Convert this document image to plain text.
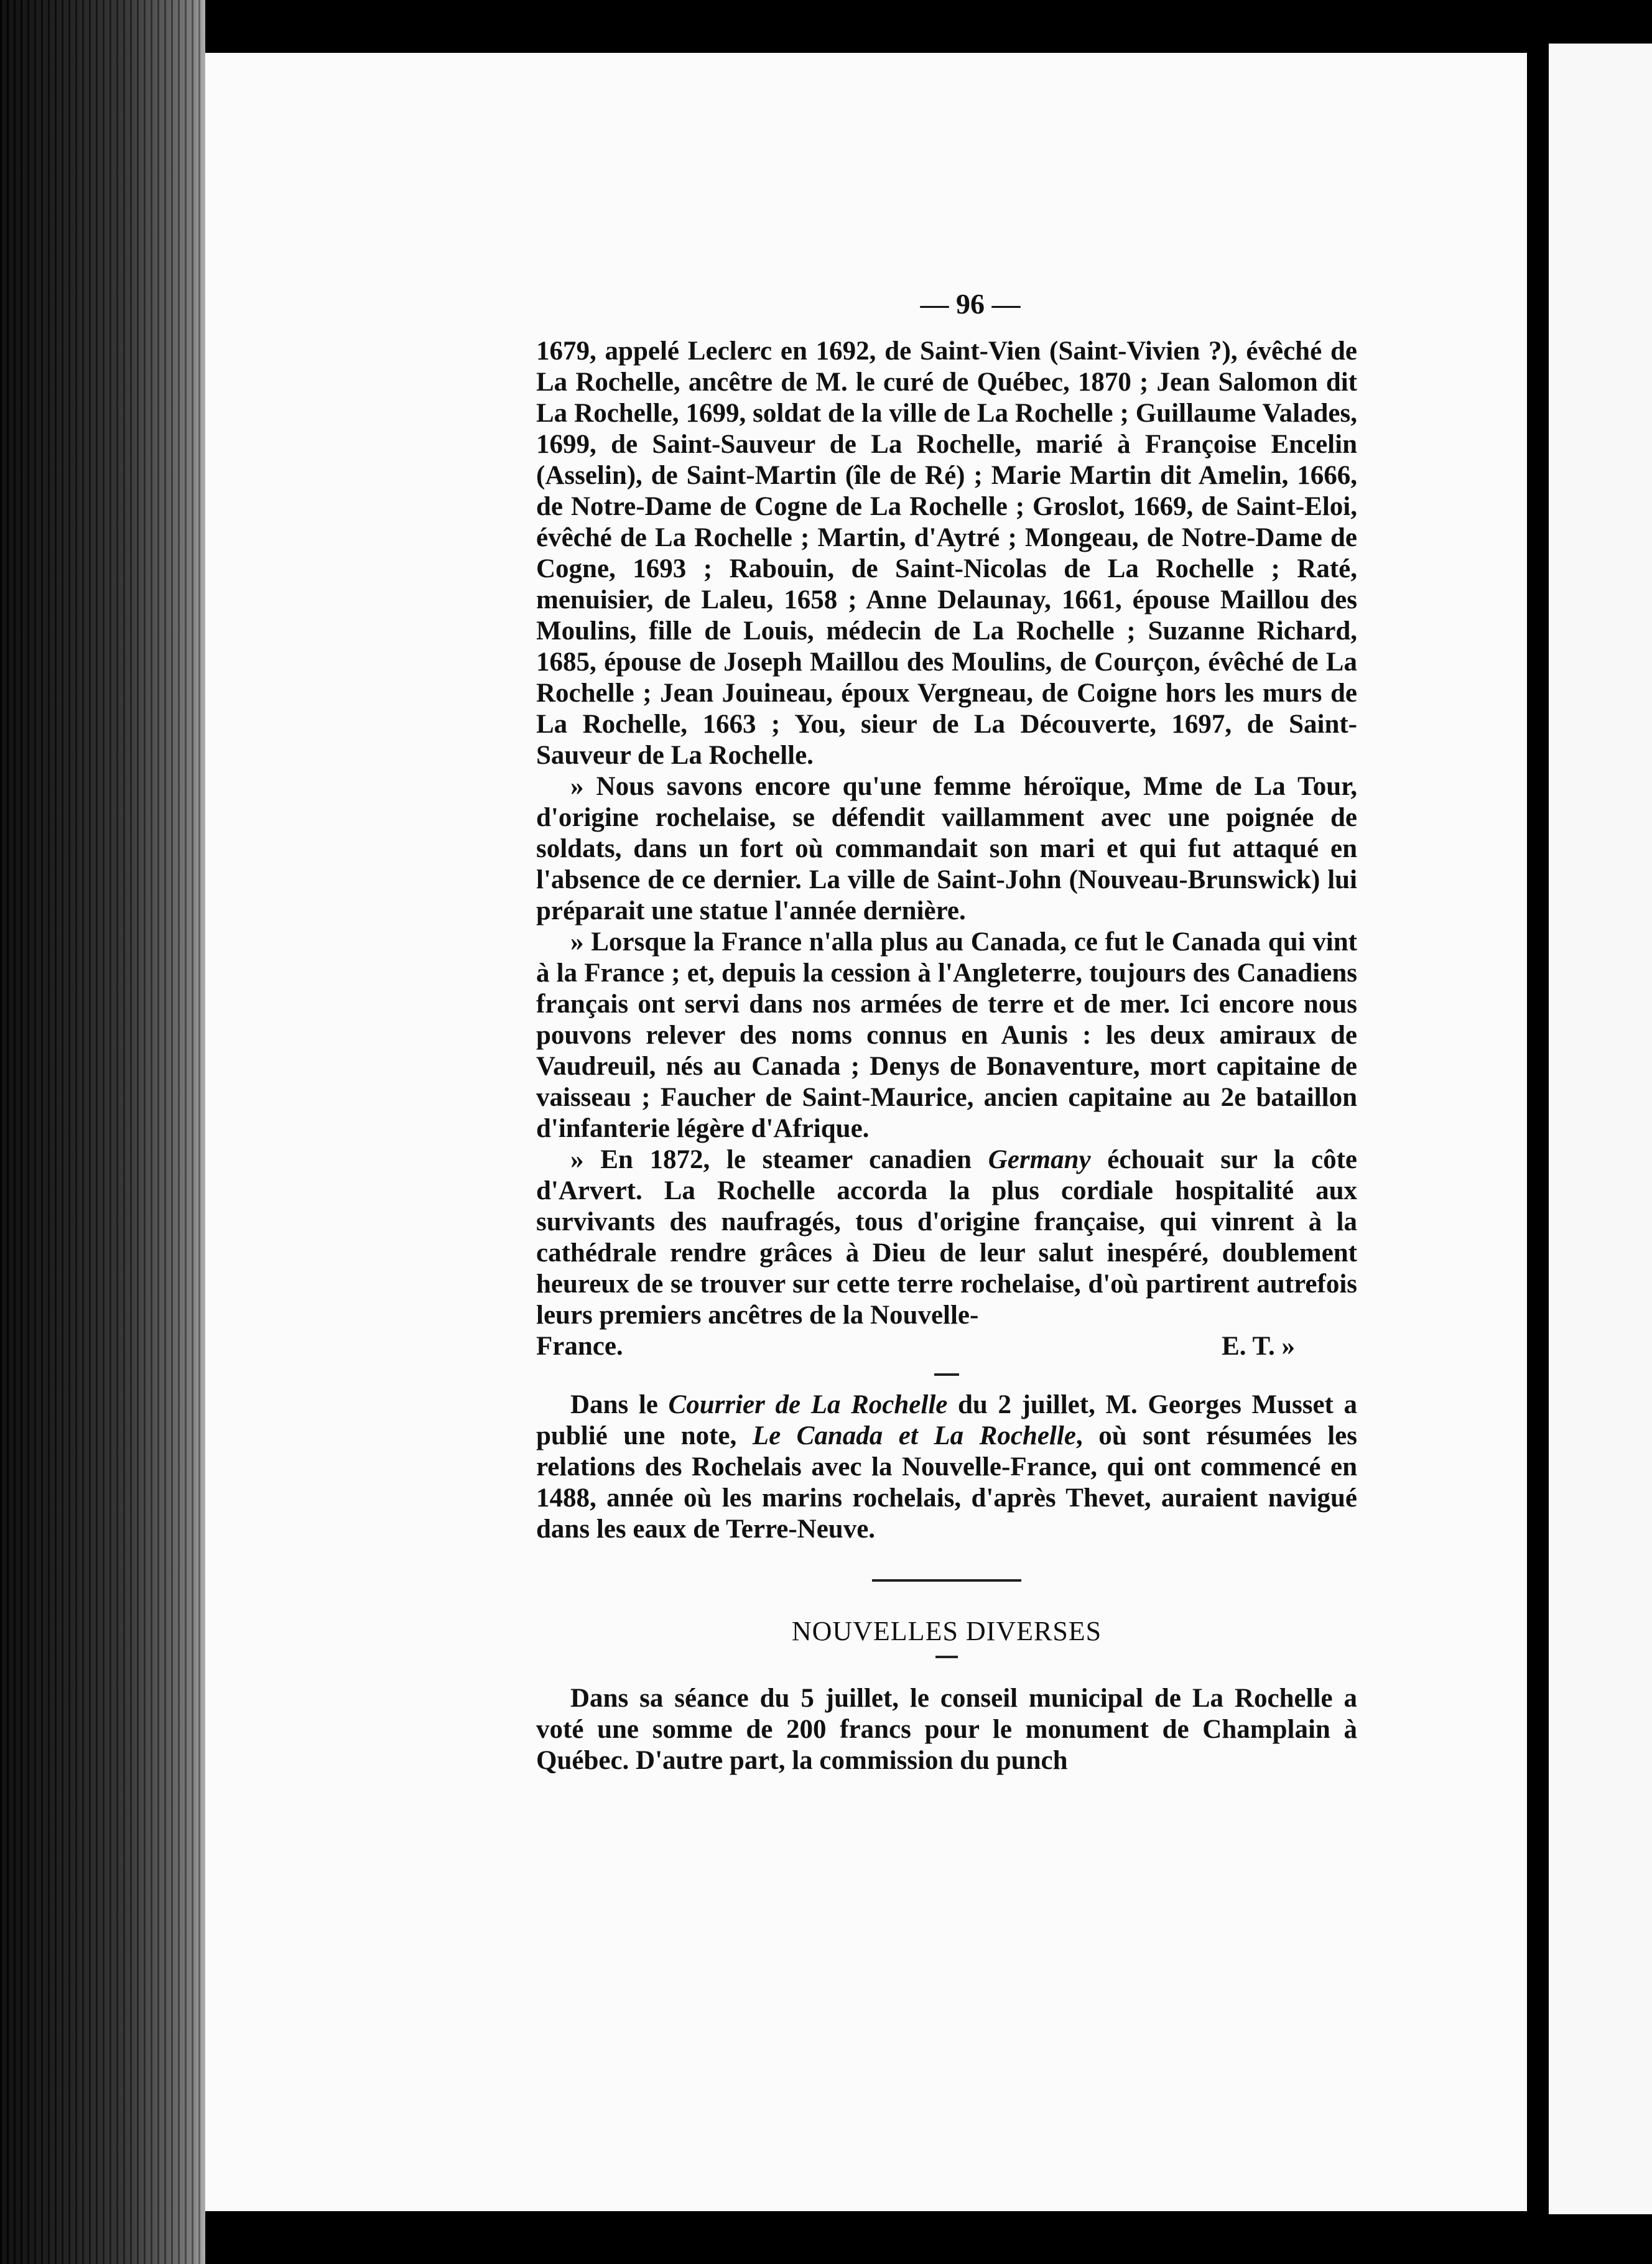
— 96 —

1679, appelé Leclerc en 1692, de Saint-Vien (Saint-Vivien ?), évêché de La Rochelle, ancêtre de M. le curé de Québec, 1870 ; Jean Salomon dit La Rochelle, 1699, soldat de la ville de La Rochelle ; Guillaume Valades, 1699, de Saint-Sauveur de La Rochelle, marié à Françoise Encelin (Asselin), de Saint-Martin (île de Ré) ; Marie Martin dit Amelin, 1666, de Notre-Dame de Cogne de La Rochelle ; Groslot, 1669, de Saint-Eloi, évêché de La Rochelle ; Martin, d'Aytré ; Mongeau, de Notre-Dame de Cogne, 1693 ; Rabouin, de Saint-Nicolas de La Rochelle ; Raté, menuisier, de Laleu, 1658 ; Anne Delaunay, 1661, épouse Maillou des Moulins, fille de Louis, médecin de La Rochelle ; Suzanne Richard, 1685, épouse de Joseph Maillou des Moulins, de Courçon, évêché de La Rochelle ; Jean Jouineau, époux Vergneau, de Coigne hors les murs de La Rochelle, 1663 ; You, sieur de La Découverte, 1697, de Saint-Sauveur de La Rochelle.

» Nous savons encore qu'une femme héroïque, Mme de La Tour, d'origine rochelaise, se défendit vaillamment avec une poignée de soldats, dans un fort où commandait son mari et qui fut attaqué en l'absence de ce dernier. La ville de Saint-John (Nouveau-Brunswick) lui préparait une statue l'année dernière.

» Lorsque la France n'alla plus au Canada, ce fut le Canada qui vint à la France ; et, depuis la cession à l'Angleterre, toujours des Canadiens français ont servi dans nos armées de terre et de mer. Ici encore nous pouvons relever des noms connus en Aunis : les deux amiraux de Vaudreuil, nés au Canada ; Denys de Bonaventure, mort capitaine de vaisseau ; Faucher de Saint-Maurice, ancien capitaine au 2e bataillon d'infanterie légère d'Afrique.

» En 1872, le steamer canadien Germany échouait sur la côte d'Arvert. La Rochelle accorda la plus cordiale hospitalité aux survivants des naufragés, tous d'origine française, qui vinrent à la cathédrale rendre grâces à Dieu de leur salut inespéré, doublement heureux de se trouver sur cette terre rochelaise, d'où partirent autrefois leurs premiers ancêtres de la Nouvelle-

France.	E. T. »

Dans le Courrier de La Rochelle du 2 juillet, M. Georges Musset a publié une note, Le Canada et La Rochelle, où sont résumées les relations des Rochelais avec la Nouvelle-France, qui ont commencé en 1488, année où les marins rochelais, d'après Thevet, auraient navigué dans les eaux de Terre-Neuve.

NOUVELLES DIVERSES

Dans sa séance du 5 juillet, le conseil municipal de La Rochelle a voté une somme de 200 francs pour le monument de Champlain à Québec. D'autre part, la commission du punch
